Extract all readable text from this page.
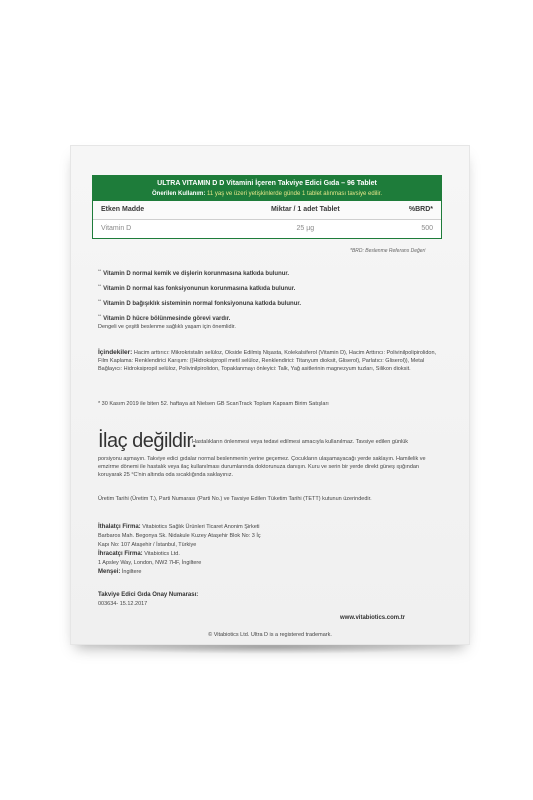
ULTRA VITAMIN D D Vitamini İçeren Takviye Edici Gıda – 96 Tablet
Önerilen Kullanım: 11 yaş ve üzeri yetişkinlerde günde 1 tablet alınması tavsiye edilir.
Etken Madde	Miktar / 1 adet Tablet	%BRD*
Vitamin D	25 µg	500
*BRD: Beslenme Referans Değeri
**Vitamin D normal kemik ve dişlerin korunmasına katkıda bulunur.
**Vitamin D normal kas fonksiyonunun korunmasına katkıda bulunur.
**Vitamin D bağışıklık sisteminin normal fonksiyonuna katkıda bulunur.
**Vitamin D hücre bölünmesinde görevi vardır.
Dengeli ve çeşitli beslenme sağlıklı yaşam için önemlidir.
İçindekiler: Hacim arttırıcı: Mikrokristalin selüloz, Okside Edilmiş Nişasta, Kolekalsiferol (Vitamin D), Hacim Arttırıcı: Polivinilpolipirolidon, Film Kaplama: Renklendirici Karışım: ((Hidroksipropil metil selüloz, Renklendirici: Titanyum dioksit, Gliserol), Parlatıcı: Gliserol)), Metal Bağlayıcı: Hidroksipropil selüloz, Polivinilpirolidon, Topaklanmayı önleyici: Talk, Yağ asitlerinin magnezyum tuzları, Silikon dioksit.
* 30 Kasım 2019 ile biten 52. haftaya ait Nielsen GB ScanTrack Toplam Kapsam Birim Satışları
İlaç değildir.
Hastalıkların önlenmesi veya tedavi edilmesi amacıyla kullanılmaz. Tavsiye edilen günlük
porsiyonu aşmayın. Takviye edici gıdalar normal beslenmenin yerine geçemez. Çocukların ulaşamayacağı yerde saklayın. Hamilelik ve emzirme dönemi ile hastalık veya ilaç kullanılması durumlarında doktorunuza danışın. Kuru ve serin bir yerde direkt güneş ışığından koruyarak 25 °C'nin altında oda sıcaklığında saklayınız.
Üretim Tarihi (Üretim T.), Parti Numarası (Parti No.) ve Tavsiye Edilen Tüketim Tarihi (TETT) kutunun üzerindedir.
İthalatçı Firma: Vitabiotics Sağlık Ürünleri Ticaret Anonim Şirketi
Barbaros Mah. Begonya Sk. Nidakule Kuzey Ataşehir Blok No: 3 İç
Kapı No: 107 Ataşehir / İstanbul, Türkiye
İhracatçı Firma: Vitabiotics Ltd.
1 Apsley Way, London, NW2 7HF, İngiltere
Menşei: İngiltere
Takviye Edici Gıda Onay Numarası:
003634- 15.12.2017
www.vitabiotics.com.tr
© Vitabiotics Ltd. Ultra D is a registered trademark.
